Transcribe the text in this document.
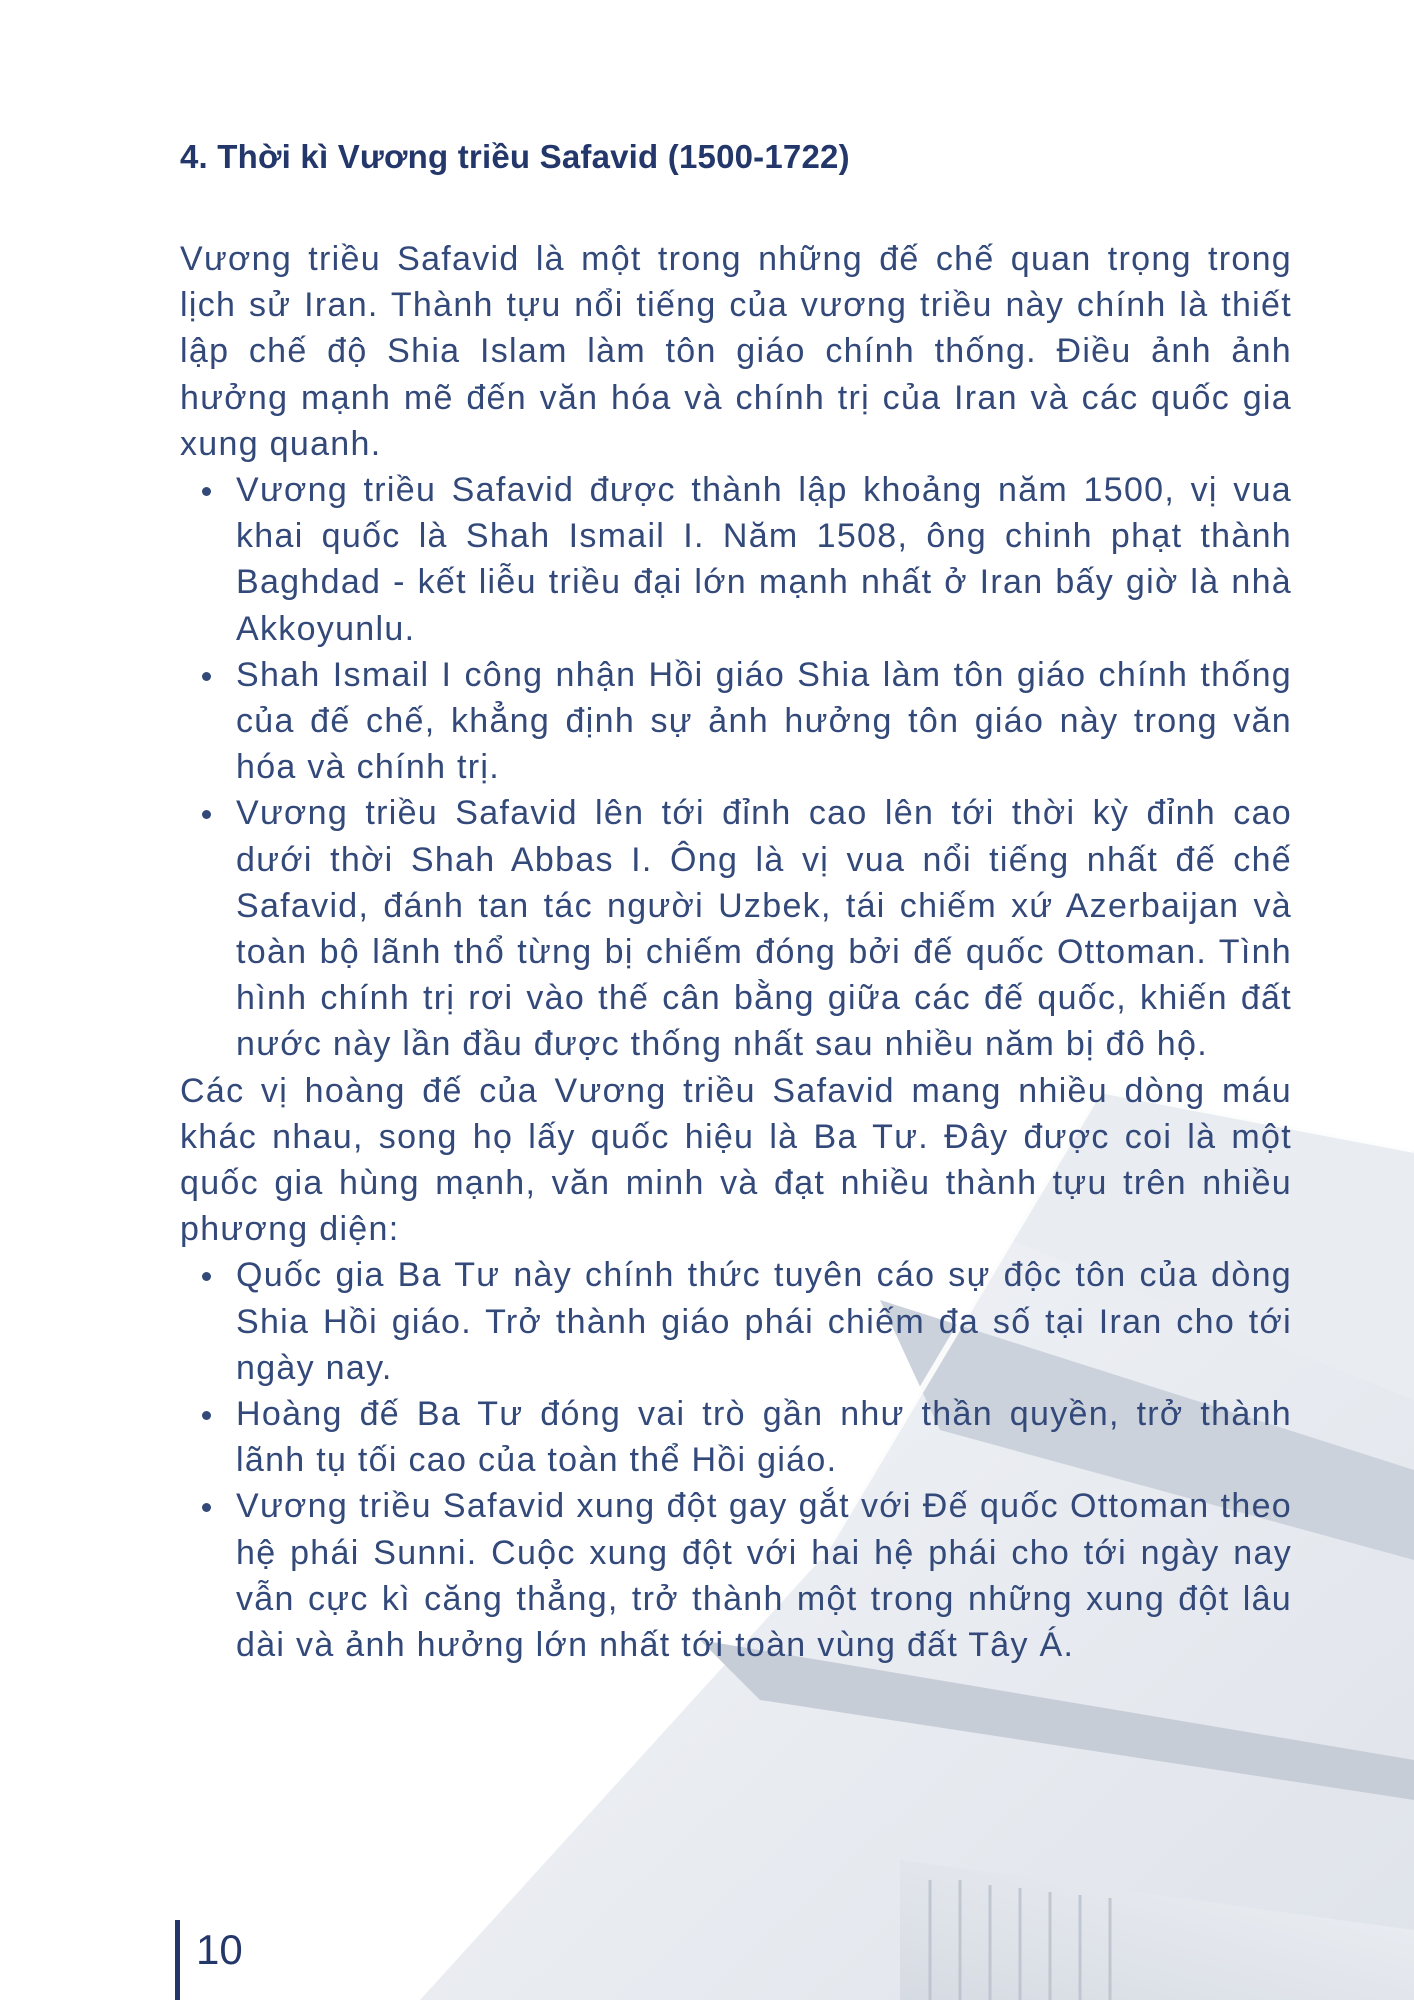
4. Thời kì Vương triều Safavid (1500-1722)

Vương triều Safavid là một trong những đế chế quan trọng trong lịch sử Iran. Thành tựu nổi tiếng của vương triều này chính là thiết lập chế độ Shia Islam làm tôn giáo chính thống. Điều ảnh ảnh hưởng mạnh mẽ đến văn hóa và chính trị của Iran và các quốc gia xung quanh.

Vương triều Safavid được thành lập khoảng năm 1500, vị vua khai quốc là Shah Ismail I. Năm 1508, ông chinh phạt thành Baghdad - kết liễu triều đại lớn mạnh nhất ở Iran bấy giờ là nhà Akkoyunlu.
Shah Ismail I công nhận Hồi giáo Shia làm tôn giáo chính thống của đế chế, khẳng định sự ảnh hưởng tôn giáo này trong văn hóa và chính trị.
Vương triều Safavid lên tới đỉnh cao lên tới thời kỳ đỉnh cao dưới thời Shah Abbas I. Ông là vị vua nổi tiếng nhất đế chế Safavid, đánh tan tác người Uzbek, tái chiếm xứ Azerbaijan và toàn bộ lãnh thổ từng bị chiếm đóng bởi đế quốc Ottoman. Tình hình chính trị rơi vào thế cân bằng giữa các đế quốc, khiến đất nước này lần đầu được thống nhất sau nhiều năm bị đô hộ.

Các vị hoàng đế của Vương triều Safavid mang nhiều dòng máu khác nhau, song họ lấy quốc hiệu là Ba Tư. Đây được coi là một quốc gia hùng mạnh, văn minh và đạt nhiều thành tựu trên nhiều phương diện:

Quốc gia Ba Tư này chính thức tuyên cáo sự độc tôn của dòng Shia Hồi giáo. Trở thành giáo phái chiếm đa số tại Iran cho tới ngày nay.
Hoàng đế Ba Tư đóng vai trò gần như thần quyền, trở thành lãnh tụ tối cao của toàn thể Hồi giáo.
Vương triều Safavid xung đột gay gắt với Đế quốc Ottoman theo hệ phái Sunni. Cuộc xung đột với hai hệ phái cho tới ngày nay vẫn cực kì căng thẳng, trở thành một trong những xung đột lâu dài và ảnh hưởng lớn nhất tới toàn vùng đất Tây Á.
10
